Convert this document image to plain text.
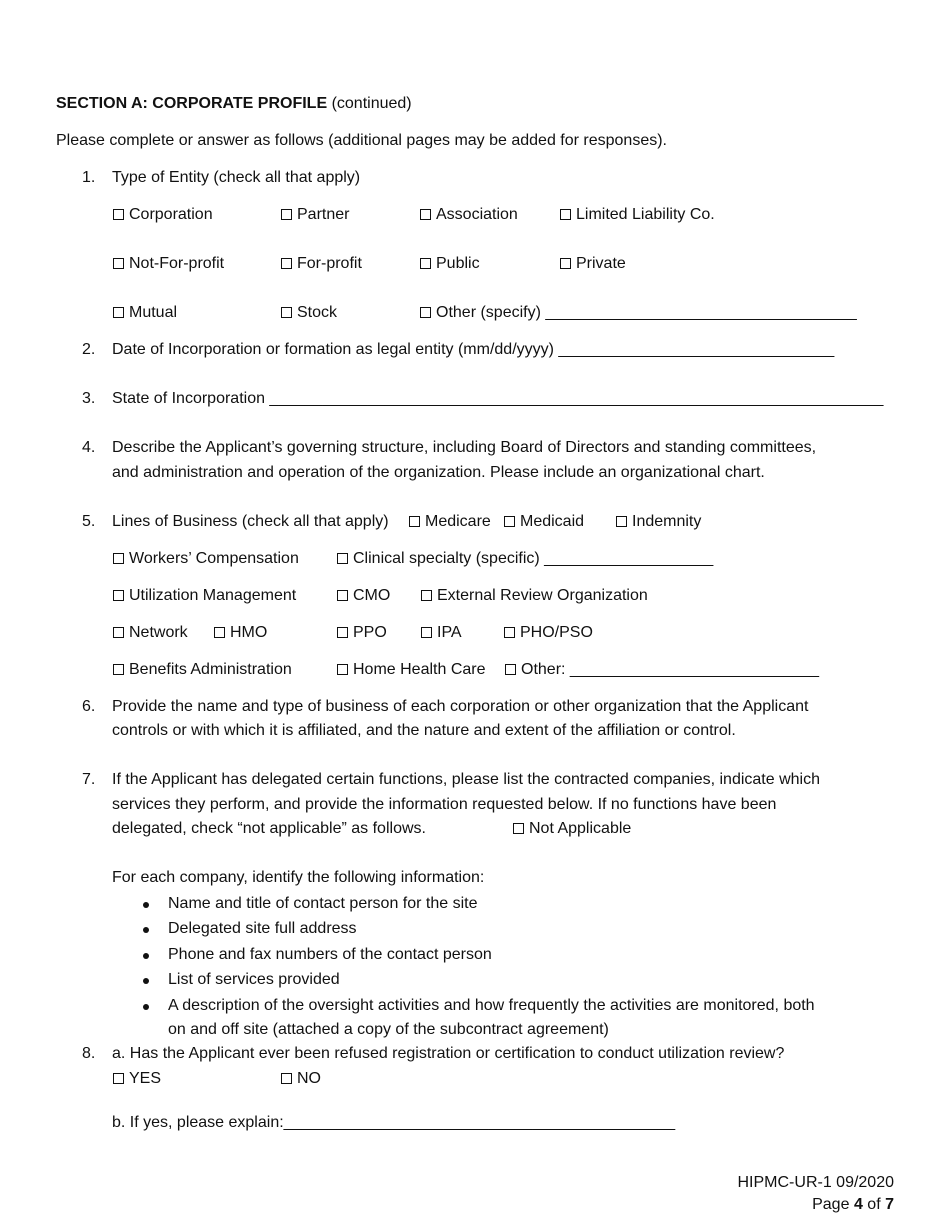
SECTION A: CORPORATE PROFILE (continued)
Please complete or answer as follows (additional pages may be added for responses).
1. Type of Entity (check all that apply)
Corporation	Partner	Association	Limited Liability Co.
Not-For-profit	For-profit	Public	Private
Mutual	Stock	Other (specify) ___________________________________
2. Date of Incorporation or formation as legal entity (mm/dd/yyyy) _______________________________
3. State of Incorporation _____________________________________________________________________
4. Describe the Applicant’s governing structure, including Board of Directors and standing committees,
and administration and operation of the organization. Please include an organizational chart.
5. Lines of Business (check all that apply)	Medicare	Medicaid	Indemnity
Workers’ Compensation	Clinical specialty (specific) ___________________
Utilization Management	CMO	External Review Organization
Network	HMO	PPO	IPA	PHO/PSO
Benefits Administration	Home Health Care	Other: ____________________________
6. Provide the name and type of business of each corporation or other organization that the Applicant
controls or with which it is affiliated, and the nature and extent of the affiliation or control.
7. If the Applicant has delegated certain functions, please list the contracted companies, indicate which
services they perform, and provide the information requested below. If no functions have been
delegated, check “not applicable” as follows.	Not Applicable
For each company, identify the following information:
Name and title of contact person for the site
Delegated site full address
Phone and fax numbers of the contact person
List of services provided
A description of the oversight activities and how frequently the activities are monitored, both
on and off site (attached a copy of the subcontract agreement)
8. a. Has the Applicant ever been refused registration or certification to conduct utilization review?
YES	NO
b. If yes, please explain:____________________________________________
HIPMC-UR-1 09/2020
Page 4 of 7
